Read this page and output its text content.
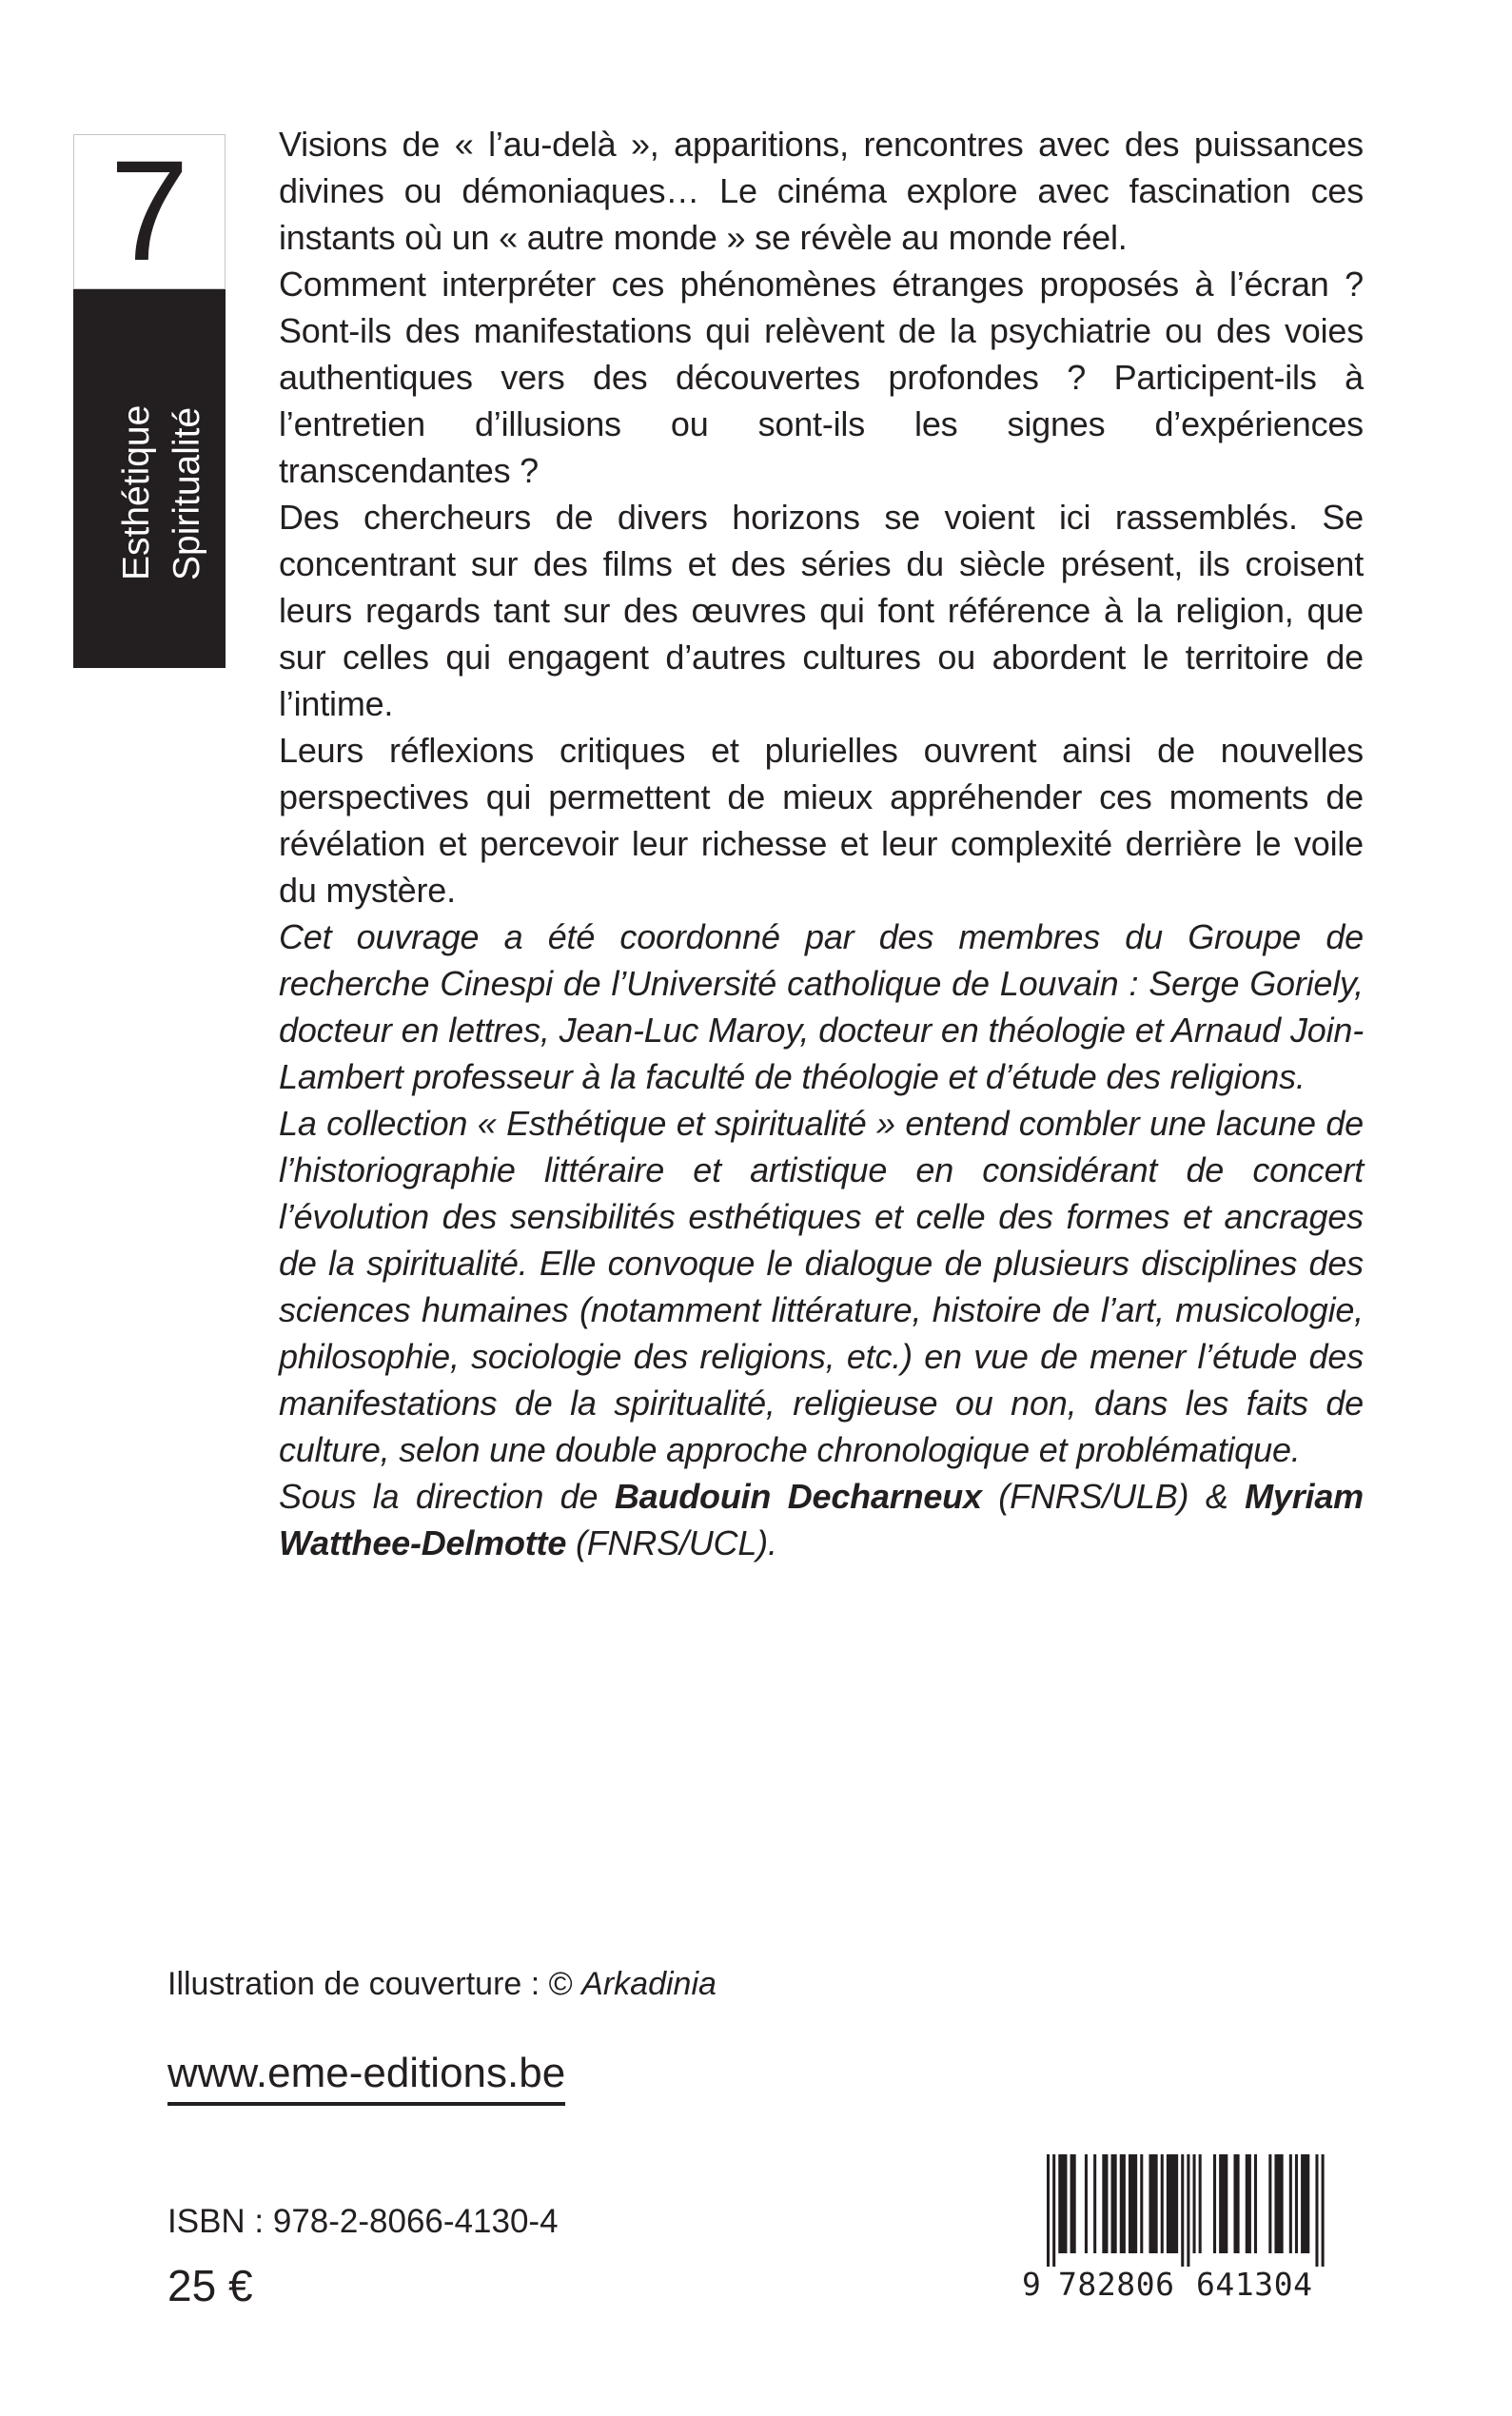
7
Esthétique Spiritualité

Visions de « l’au-delà », apparitions, rencontres avec des puissances divines ou démoniaques… Le cinéma explore avec fascination ces instants où un « autre monde » se révèle au monde réel.

Comment interpréter ces phénomènes étranges proposés à l’écran ? Sont-ils des manifestations qui relèvent de la psychiatrie ou des voies authentiques vers des découvertes profondes ? Participent-ils à l’entretien d’illusions ou sont-ils les signes d’expériences transcendantes ?

Des chercheurs de divers horizons se voient ici rassemblés. Se concentrant sur des films et des séries du siècle présent, ils croisent leurs regards tant sur des œuvres qui font référence à la religion, que sur celles qui engagent d’autres cultures ou abordent le territoire de l’intime.

Leurs réflexions critiques et plurielles ouvrent ainsi de nouvelles perspectives qui permettent de mieux appréhender ces moments de révélation et percevoir leur richesse et leur complexité derrière le voile du mystère.

Cet ouvrage a été coordonné par des membres du Groupe de recherche Cinespi de l’Université catholique de Louvain : Serge Goriely, docteur en lettres, Jean-Luc Maroy, docteur en théologie et Arnaud Join-Lambert professeur à la faculté de théologie et d’étude des religions.

La collection « Esthétique et spiritualité » entend combler une lacune de l’historiographie littéraire et artistique en considérant de concert l’évolution des sensibilités esthétiques et celle des formes et ancrages de la spiritualité. Elle convoque le dialogue de plusieurs disciplines des sciences humaines (notamment littérature, histoire de l’art, musicologie, philosophie, sociologie des religions, etc.) en vue de mener l’étude des manifestations de la spiritualité, religieuse ou non, dans les faits de culture, selon une double approche chronologique et problématique.

Sous la direction de Baudouin Decharneux (FNRS/ULB) & Myriam Watthee-Delmotte (FNRS/UCL).

Illustration de couverture : © Arkadinia
www.eme-editions.be
ISBN : 978-2-8066-4130-4
25 €	9 782806 641304
